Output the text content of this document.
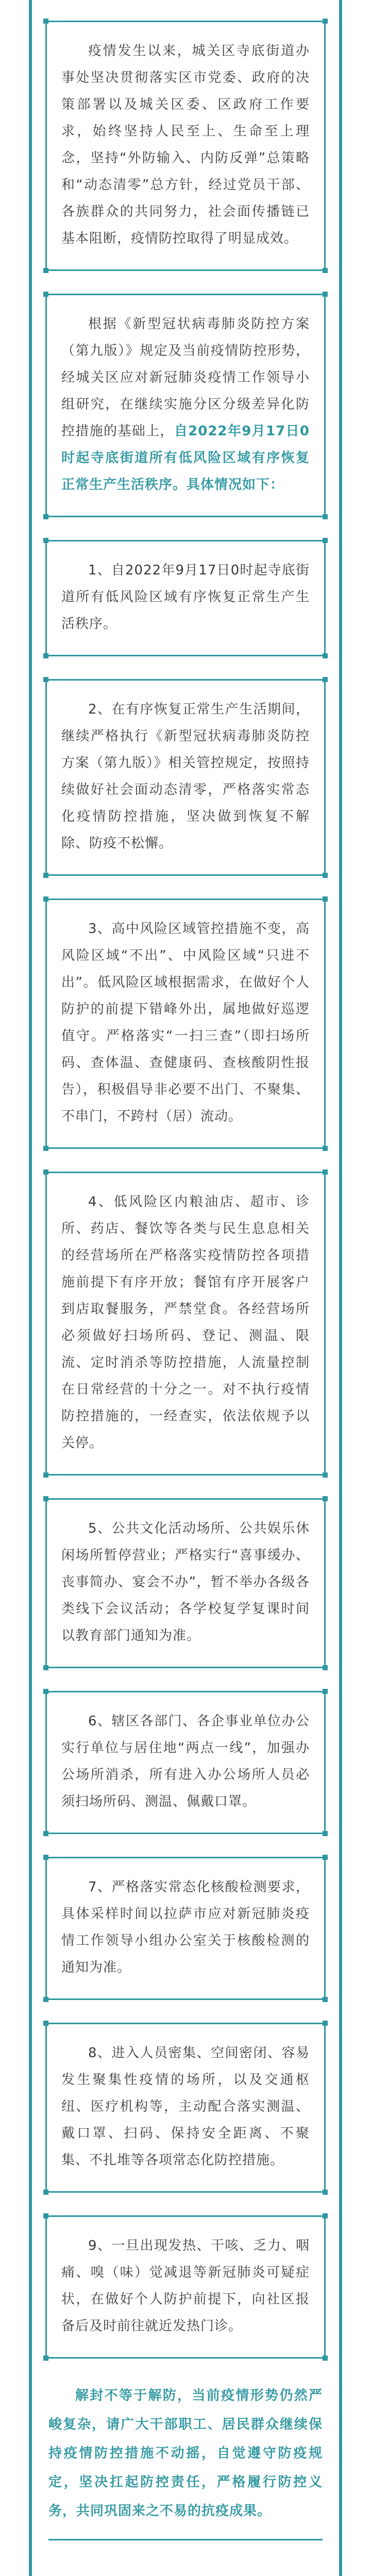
疫情发生以来，城关区寺底街道办事处坚决贯彻落实区市党委、政府的决策部署以及城关区委、区政府工作要求，始终坚持人民至上、生命至上理念，坚持“外防输入、内防反弹”总策略和“动态清零”总方针，经过党员干部、各族群众的共同努力，社会面传播链已基本阻断，疫情防控取得了明显成效。

根据《新型冠状病毒肺炎防控方案（第九版）》规定及当前疫情防控形势，经城关区应对新冠肺炎疫情工作领导小组研究，在继续实施分区分级差异化防控措施的基础上，自2022年9月17日0时起寺底街道所有低风险区域有序恢复正常生产生活秩序。具体情况如下：

1、自2022年9月17日0时起寺底街道所有低风险区域有序恢复正常生产生活秩序。

2、在有序恢复正常生产生活期间，继续严格执行《新型冠状病毒肺炎防控方案（第九版）》相关管控规定，按照持续做好社会面动态清零，严格落实常态化疫情防控措施，坚决做到恢复不解除、防疫不松懈。

3、高中风险区域管控措施不变，高风险区域“不出”、中风险区域“只进不出”。低风险区域根据需求，在做好个人防护的前提下错峰外出，属地做好巡逻值守。严格落实“一扫三查”（即扫场所码、查体温、查健康码、查核酸阴性报告），积极倡导非必要不出门、不聚集、不串门，不跨村（居）流动。

4、低风险区内粮油店、超市、诊所、药店、餐饮等各类与民生息息相关的经营场所在严格落实疫情防控各项措施前提下有序开放；餐馆有序开展客户到店取餐服务，严禁堂食。各经营场所必须做好扫场所码、登记、测温、限流、定时消杀等防控措施，人流量控制在日常经营的十分之一。对不执行疫情防控措施的，一经查实，依法依规予以关停。

5、公共文化活动场所、公共娱乐休闲场所暂停营业；严格实行“喜事缓办、丧事简办、宴会不办”，暂不举办各级各类线下会议活动；各学校复学复课时间以教育部门通知为准。

6、辖区各部门、各企事业单位办公实行单位与居住地“两点一线”，加强办公场所消杀，所有进入办公场所人员必须扫场所码、测温、佩戴口罩。

7、严格落实常态化核酸检测要求，具体采样时间以拉萨市应对新冠肺炎疫情工作领导小组办公室关于核酸检测的通知为准。

8、进入人员密集、空间密闭、容易发生聚集性疫情的场所，以及交通枢纽、医疗机构等，主动配合落实测温、戴口罩、扫码、保持安全距离、不聚集、不扎堆等各项常态化防控措施。

9、一旦出现发热、干咳、乏力、咽痛、嗅（味）觉减退等新冠肺炎可疑症状，在做好个人防护前提下，向社区报备后及时前往就近发热门诊。

解封不等于解防，当前疫情形势仍然严峻复杂，请广大干部职工、居民群众继续保持疫情防控措施不动摇，自觉遵守防疫规定，坚决扛起防控责任，严格履行防控义务，共同巩固来之不易的抗疫成果。
